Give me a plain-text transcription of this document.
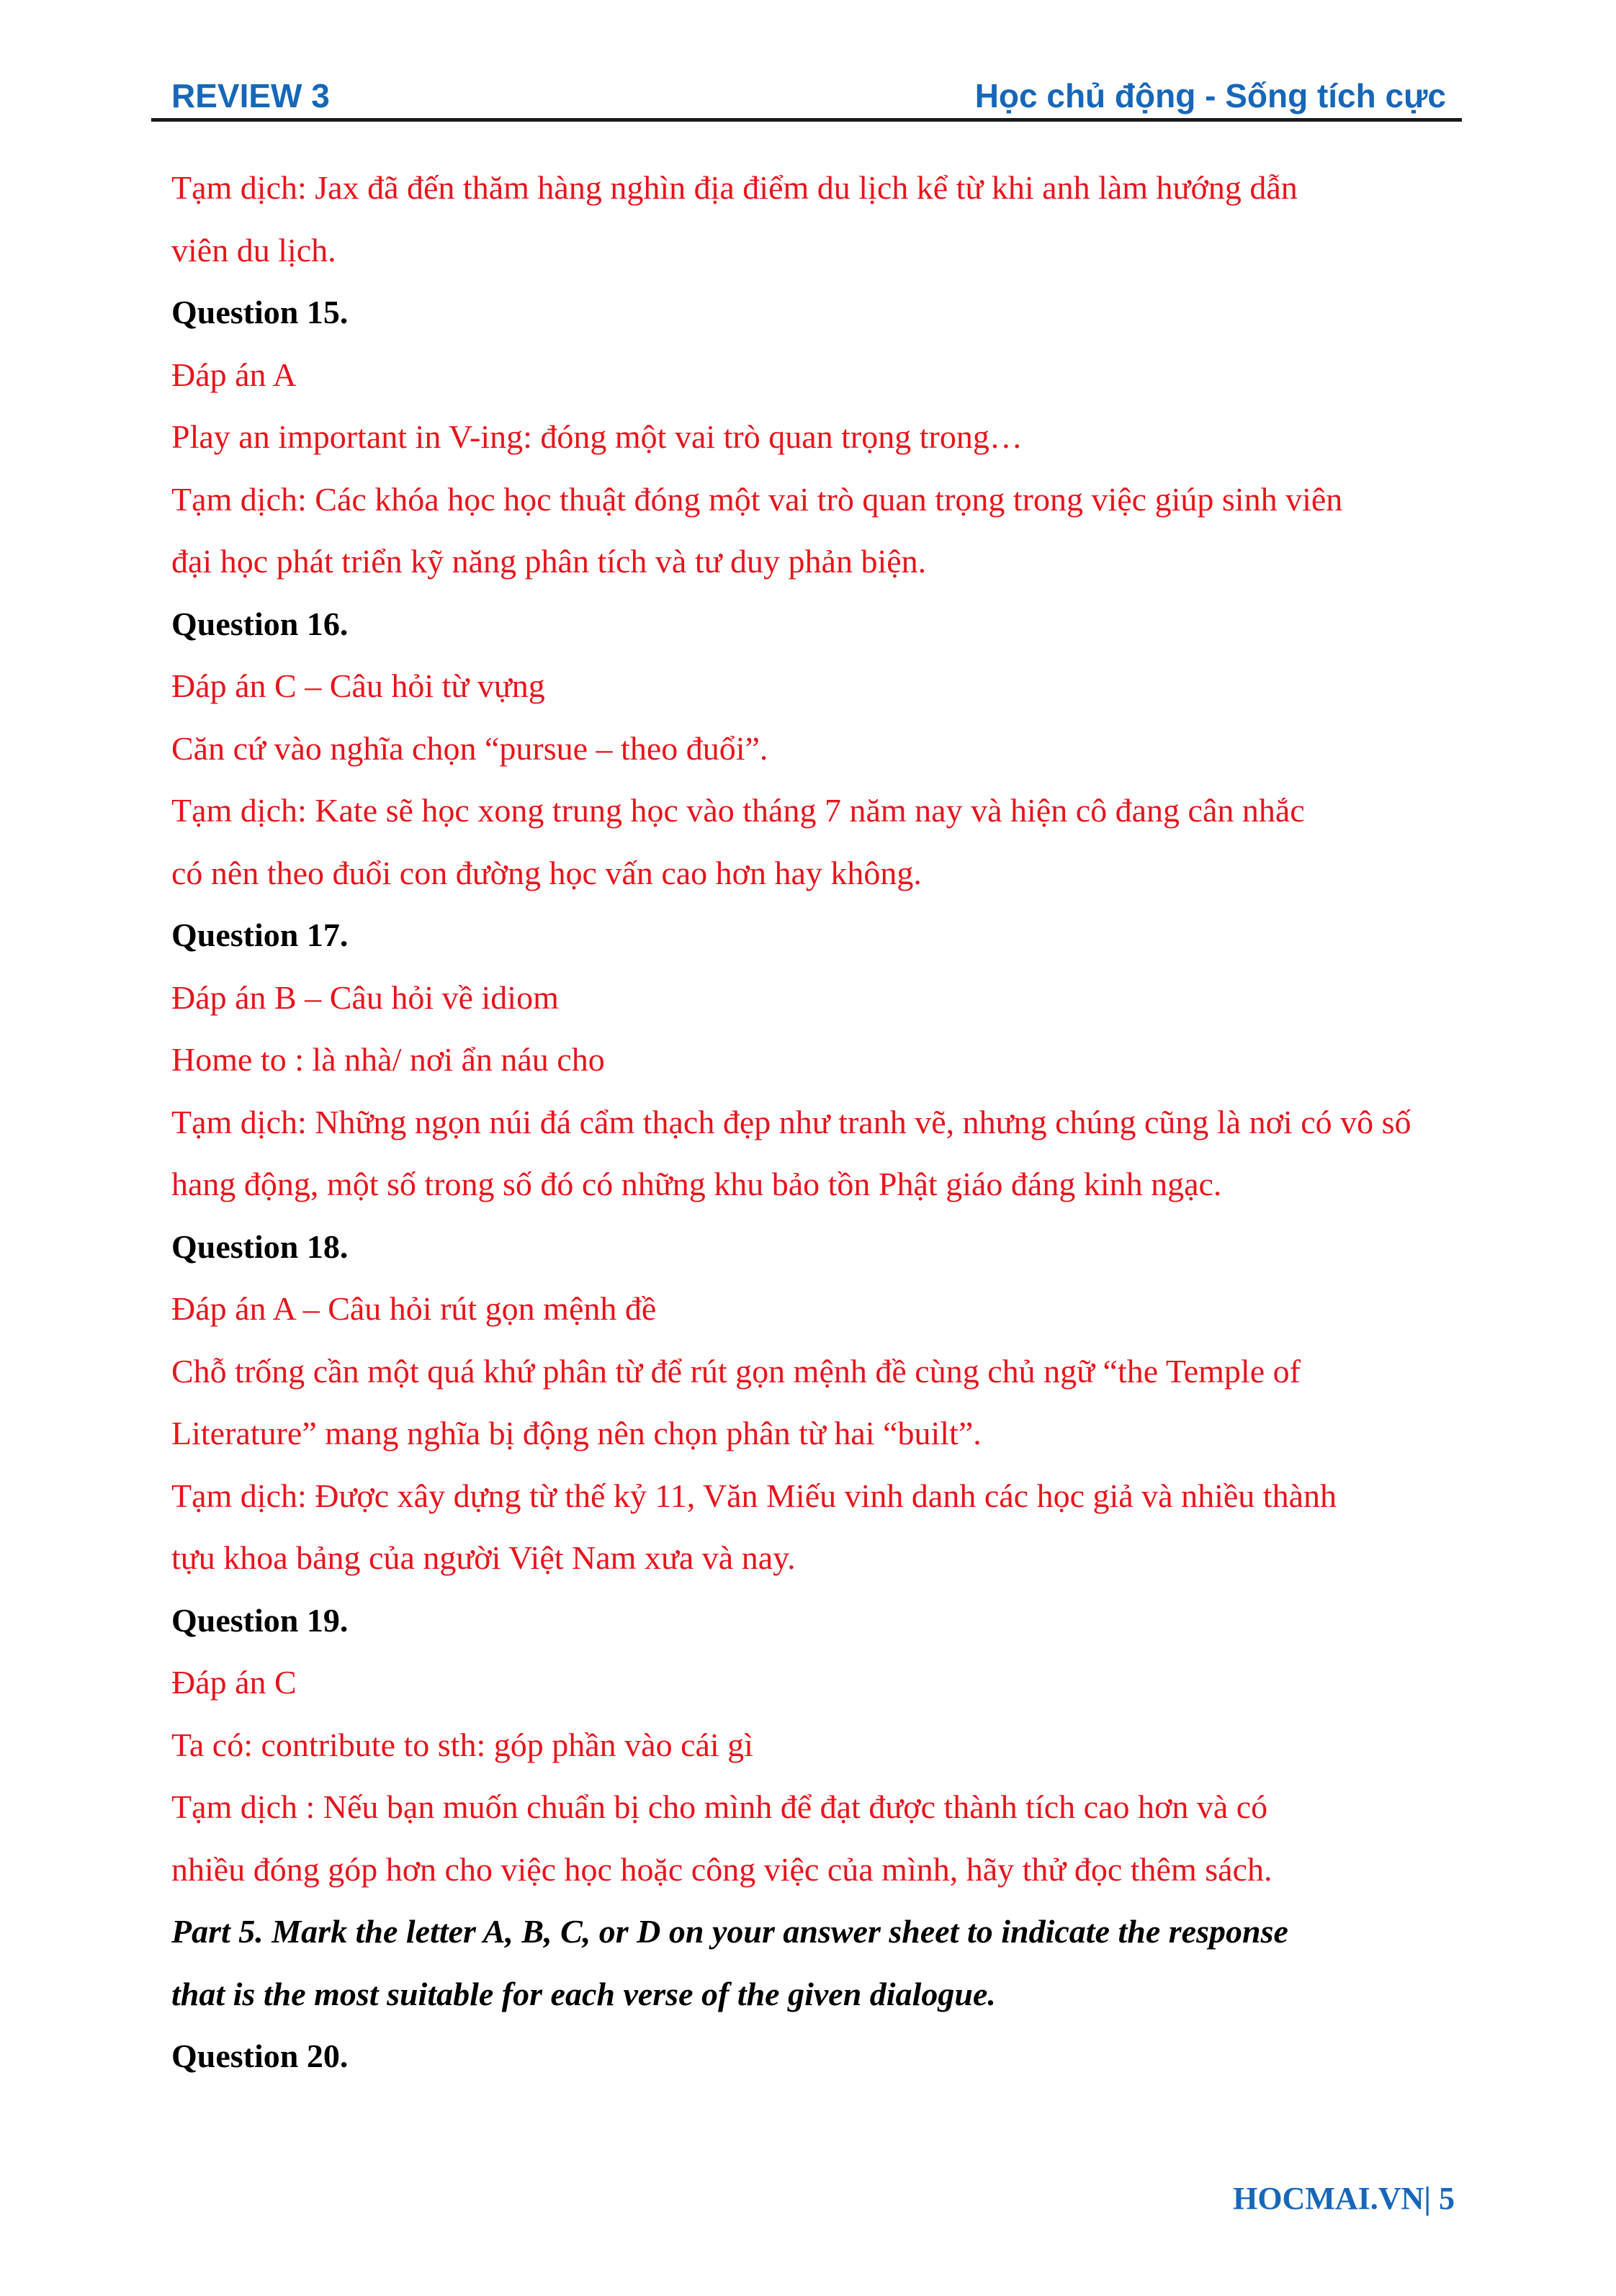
REVIEW 3	Học chủ động - Sống tích cực
Tạm dịch: Jax đã đến thăm hàng nghìn địa điểm du lịch kể từ khi anh làm hướng dẫn
viên du lịch.
Question 15.
Đáp án A
Play an important in V-ing: đóng một vai trò quan trọng trong…
Tạm dịch: Các khóa học học thuật đóng một vai trò quan trọng trong việc giúp sinh viên
đại học phát triển kỹ năng phân tích và tư duy phản biện.
Question 16.
Đáp án C – Câu hỏi từ vựng
Căn cứ vào nghĩa chọn “pursue – theo đuổi”.
Tạm dịch: Kate sẽ học xong trung học vào tháng 7 năm nay và hiện cô đang cân nhắc
có nên theo đuổi con đường học vấn cao hơn hay không.
Question 17.
Đáp án B – Câu hỏi về idiom
Home to : là nhà/ nơi ẩn náu cho
Tạm dịch: Những ngọn núi đá cẩm thạch đẹp như tranh vẽ, nhưng chúng cũng là nơi có vô số
hang động, một số trong số đó có những khu bảo tồn Phật giáo đáng kinh ngạc.
Question 18.
Đáp án A – Câu hỏi rút gọn mệnh đề
Chỗ trống cần một quá khứ phân từ để rút gọn mệnh đề cùng chủ ngữ “the Temple of
Literature” mang nghĩa bị động nên chọn phân từ hai “built”.
Tạm dịch: Được xây dựng từ thế kỷ 11, Văn Miếu vinh danh các học giả và nhiều thành
tựu khoa bảng của người Việt Nam xưa và nay.
Question 19.
Đáp án C
Ta có: contribute to sth: góp phần vào cái gì
Tạm dịch : Nếu bạn muốn chuẩn bị cho mình để đạt được thành tích cao hơn và có
nhiều đóng góp hơn cho việc học hoặc công việc của mình, hãy thử đọc thêm sách.
Part 5. Mark the letter A, B, C, or D on your answer sheet to indicate the response
that is the most suitable for each verse of the given dialogue.
Question 20.
HOCMAI.VN| 5
